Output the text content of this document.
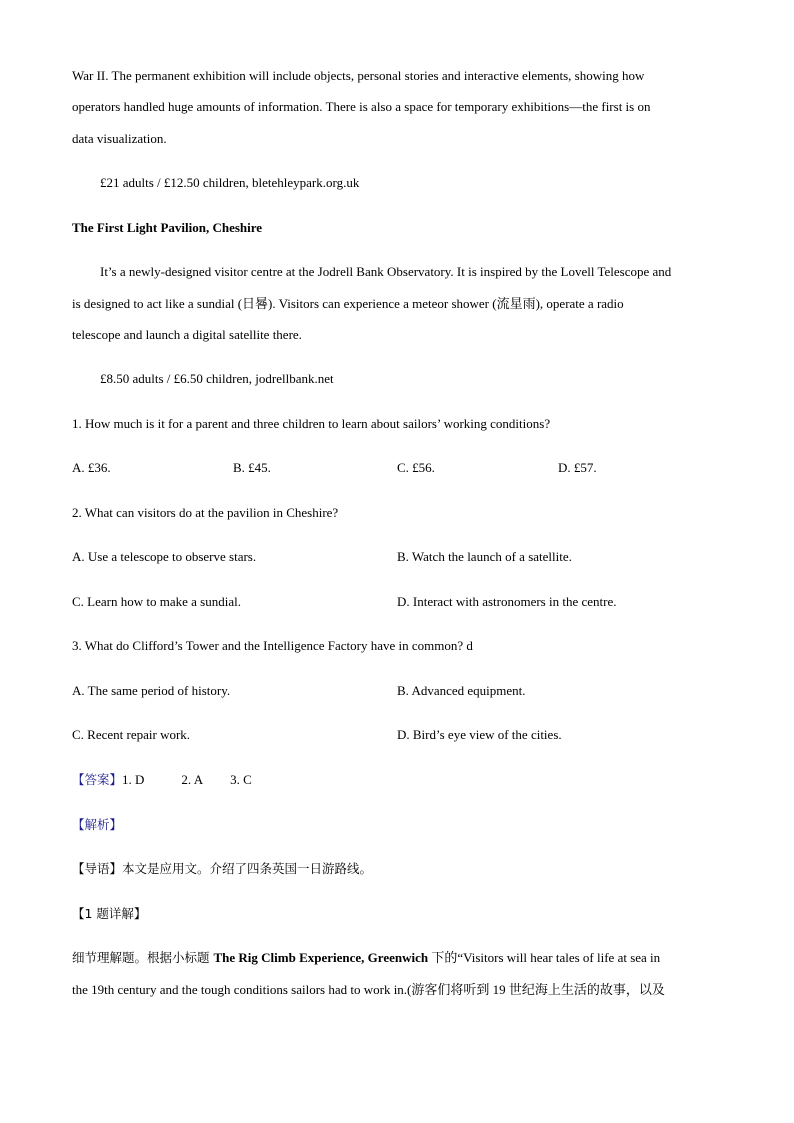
War II. The permanent exhibition will include objects, personal stories and interactive elements, showing how
operators handled huge amounts of information. There is also a space for temporary exhibitions—the first is on
data visualization.
£21 adults / £12.50 children, bletehleypark.org.uk
The First Light Pavilion, Cheshire
It’s a newly-designed visitor centre at the Jodrell Bank Observatory. It is inspired by the Lovell Telescope and
is designed to act like a sundial (日晷). Visitors can experience a meteor shower (流星雨), operate a radio
telescope and launch a digital satellite there.
£8.50 adults / £6.50 children, jodrellbank.net
1. How much is it for a parent and three children to learn about sailors’ working conditions?
A. £36.	B. £45.	C. £56.	D. £57.
2. What can visitors do at the pavilion in Cheshire?
A. Use a telescope to observe stars.	B. Watch the launch of a satellite.
C. Learn how to make a sundial.	D. Interact with astronomers in the centre.
3. What do Clifford’s Tower and the Intelligence Factory have in common? d
A. The same period of history.	B. Advanced equipment.
C. Recent repair work.	D. Bird’s eye view of the cities.
【答案】1. D	2. A 3. C
【解析】
【导语】本文是应用文。介绍了四条英国一日游路线。
【1 题详解】
细节理解题。根据小标题 The Rig Climb Experience, Greenwich 下的“Visitors will hear tales of life at sea in
the 19th century and the tough conditions sailors had to work in.(游客们将听到 19 世纪海上生活的故事，以及
